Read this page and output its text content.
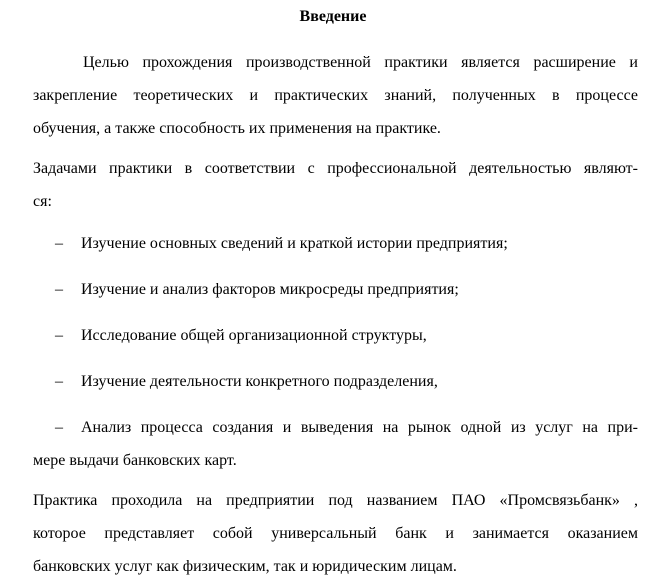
Введение
Целью прохождения производственной практики является расширение и
закрепление теоретических и практических знаний, полученных в процессе
обучения, а также способность их применения на практике.
Задачами практики в соответствии с профессиональной деятельностью являют-
ся:
– Изучение основных сведений и краткой истории предприятия;
– Изучение и анализ факторов микросреды предприятия;
– Исследование общей организационной структуры,
– Изучение деятельности конкретного подразделения,
– Анализ процесса создания и выведения на рынок одной из услуг на при-
мере выдачи банковских карт.
Практика проходила на предприятии под названием ПАО «Промсвязьбанк» ,
которое представляет собой универсальный банк и занимается оказанием
банковских услуг как физическим, так и юридическим лицам.
